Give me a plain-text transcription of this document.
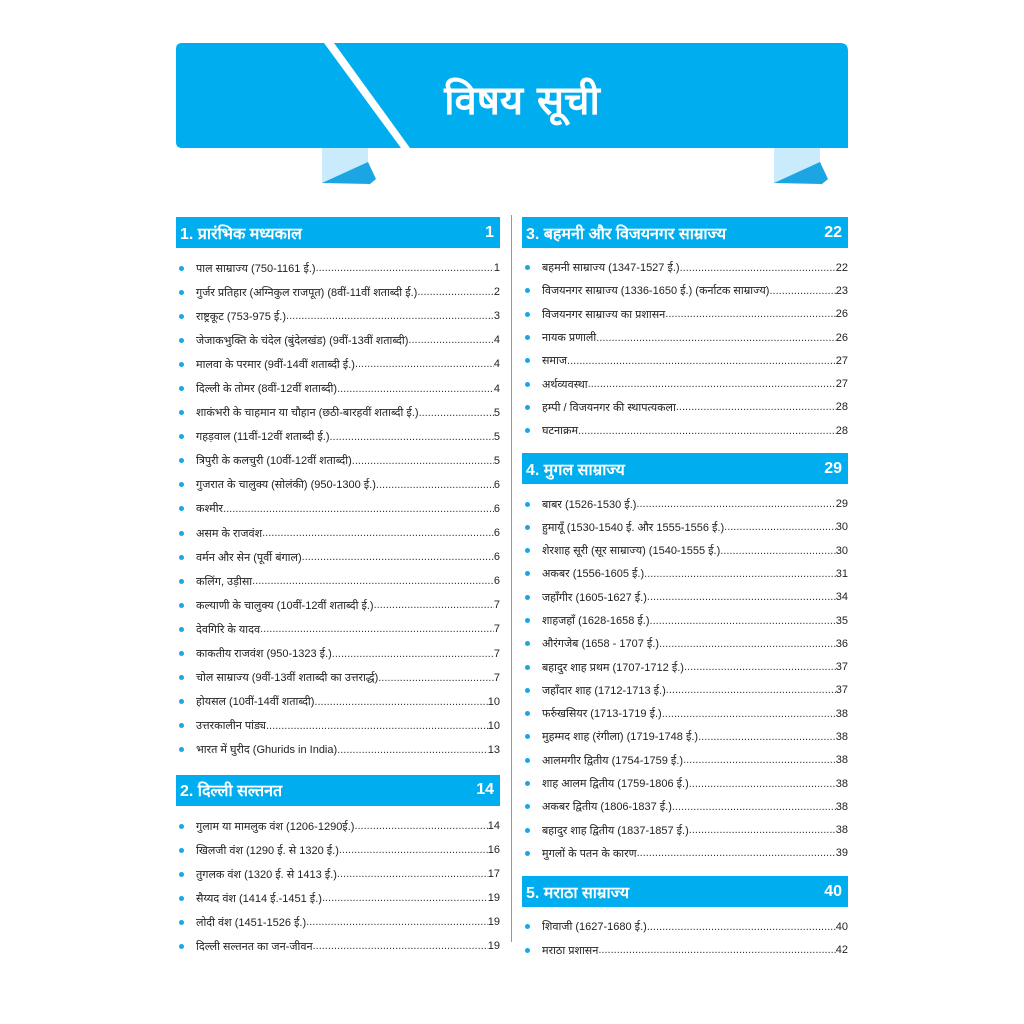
विषय सूची
1. प्रारंभिक मध्यकाल	1
पाल साम्राज्य (750-1161 ई.) .....	1
गुर्जर प्रतिहार (अग्निकुल राजपूत) (8वीं-11वीं शताब्दी ई.) .....	2
राष्ट्रकूट (753-975 ई.) .....	3
जेजाकभुक्ति के चंदेल (बुंदेलखंड) (9वीं-13वीं शताब्दी) .....	4
मालवा के परमार (9वीं-14वीं शताब्दी ई.) .....	4
दिल्ली के तोमर (8वीं-12वीं शताब्दी) .....	4
शाकंभरी के चाहमान या चौहान (छठी-बारहवीं शताब्दी ई.) .....	5
गहड़वाल (11वीं-12वीं शताब्दी ई.) .....	5
त्रिपुरी के कलचुरी (10वीं-12वीं शताब्दी) .....	5
गुजरात के चालुक्य (सोलंकी) (950-1300 ई.) .....	6
कश्मीर .....	6
असम के राजवंश .....	6
वर्मन और सेन (पूर्वी बंगाल) .....	6
कलिंग, उड़ीसा .....	6
कल्याणी के चालुक्य (10वीं-12वीं शताब्दी ई.) .....	7
देवगिरि के यादव .....	7
काकतीय राजवंश (950-1323 ई.) .....	7
चोल साम्राज्य (9वीं-13वीं शताब्दी का उत्तरार्द्ध) .....	7
होयसल (10वीं-14वीं शताब्दी) .....	10
उत्तरकालीन पांड्य .....	10
भारत में घुरीद (Ghurids in India) .....	13
2. दिल्ली सल्तनत	14
गुलाम या मामलुक वंश (1206-1290ई.) .....	14
खिलजी वंश (1290 ई. से 1320 ई.) .....	16
तुगलक वंश (1320 ई. से 1413 ई.) .....	17
सैय्यद वंश (1414 ई.-1451 ई.) .....	19
लोदी वंश (1451-1526 ई.) .....	19
दिल्ली सल्तनत का जन-जीवन .....	19
3. बहमनी और विजयनगर साम्राज्य	22
बहमनी साम्राज्य (1347-1527 ई.) .....	22
विजयनगर साम्राज्य (1336-1650 ई.) (कर्नाटक साम्राज्य) .....	23
विजयनगर साम्राज्य का प्रशासन .....	26
नायक प्रणाली .....	26
समाज .....	27
अर्थव्यवस्था .....	27
हम्पी / विजयनगर की स्थापत्यकला .....	28
घटनाक्रम .....	28
4. मुगल साम्राज्य	29
बाबर (1526-1530 ई.) .....	29
हुमायूँ (1530-1540 ई. और 1555-1556 ई.) .....	30
शेरशाह सूरी (सूर साम्राज्य) (1540-1555 ई.) .....	30
अकबर (1556-1605 ई.) .....	31
जहाँगीर (1605-1627 ई.) .....	34
शाहजहाँ (1628-1658 ई.) .....	35
औरंगजेब (1658 - 1707 ई.) .....	36
बहादुर शाह प्रथम (1707-1712 ई.) .....	37
जहाँदार शाह (1712-1713 ई.) .....	37
फर्रुखसियर (1713-1719 ई.) .....	38
मुहम्मद शाह (रंगीला) (1719-1748 ई.) .....	38
आलमगीर द्वितीय (1754-1759 ई.) .....	38
शाह आलम द्वितीय (1759-1806 ई.) .....	38
अकबर द्वितीय (1806-1837 ई.) .....	38
बहादुर शाह द्वितीय (1837-1857 ई.) .....	38
मुगलों के पतन के कारण .....	39
5. मराठा साम्राज्य	40
शिवाजी (1627-1680 ई.) .....	40
मराठा प्रशासन .....	42
